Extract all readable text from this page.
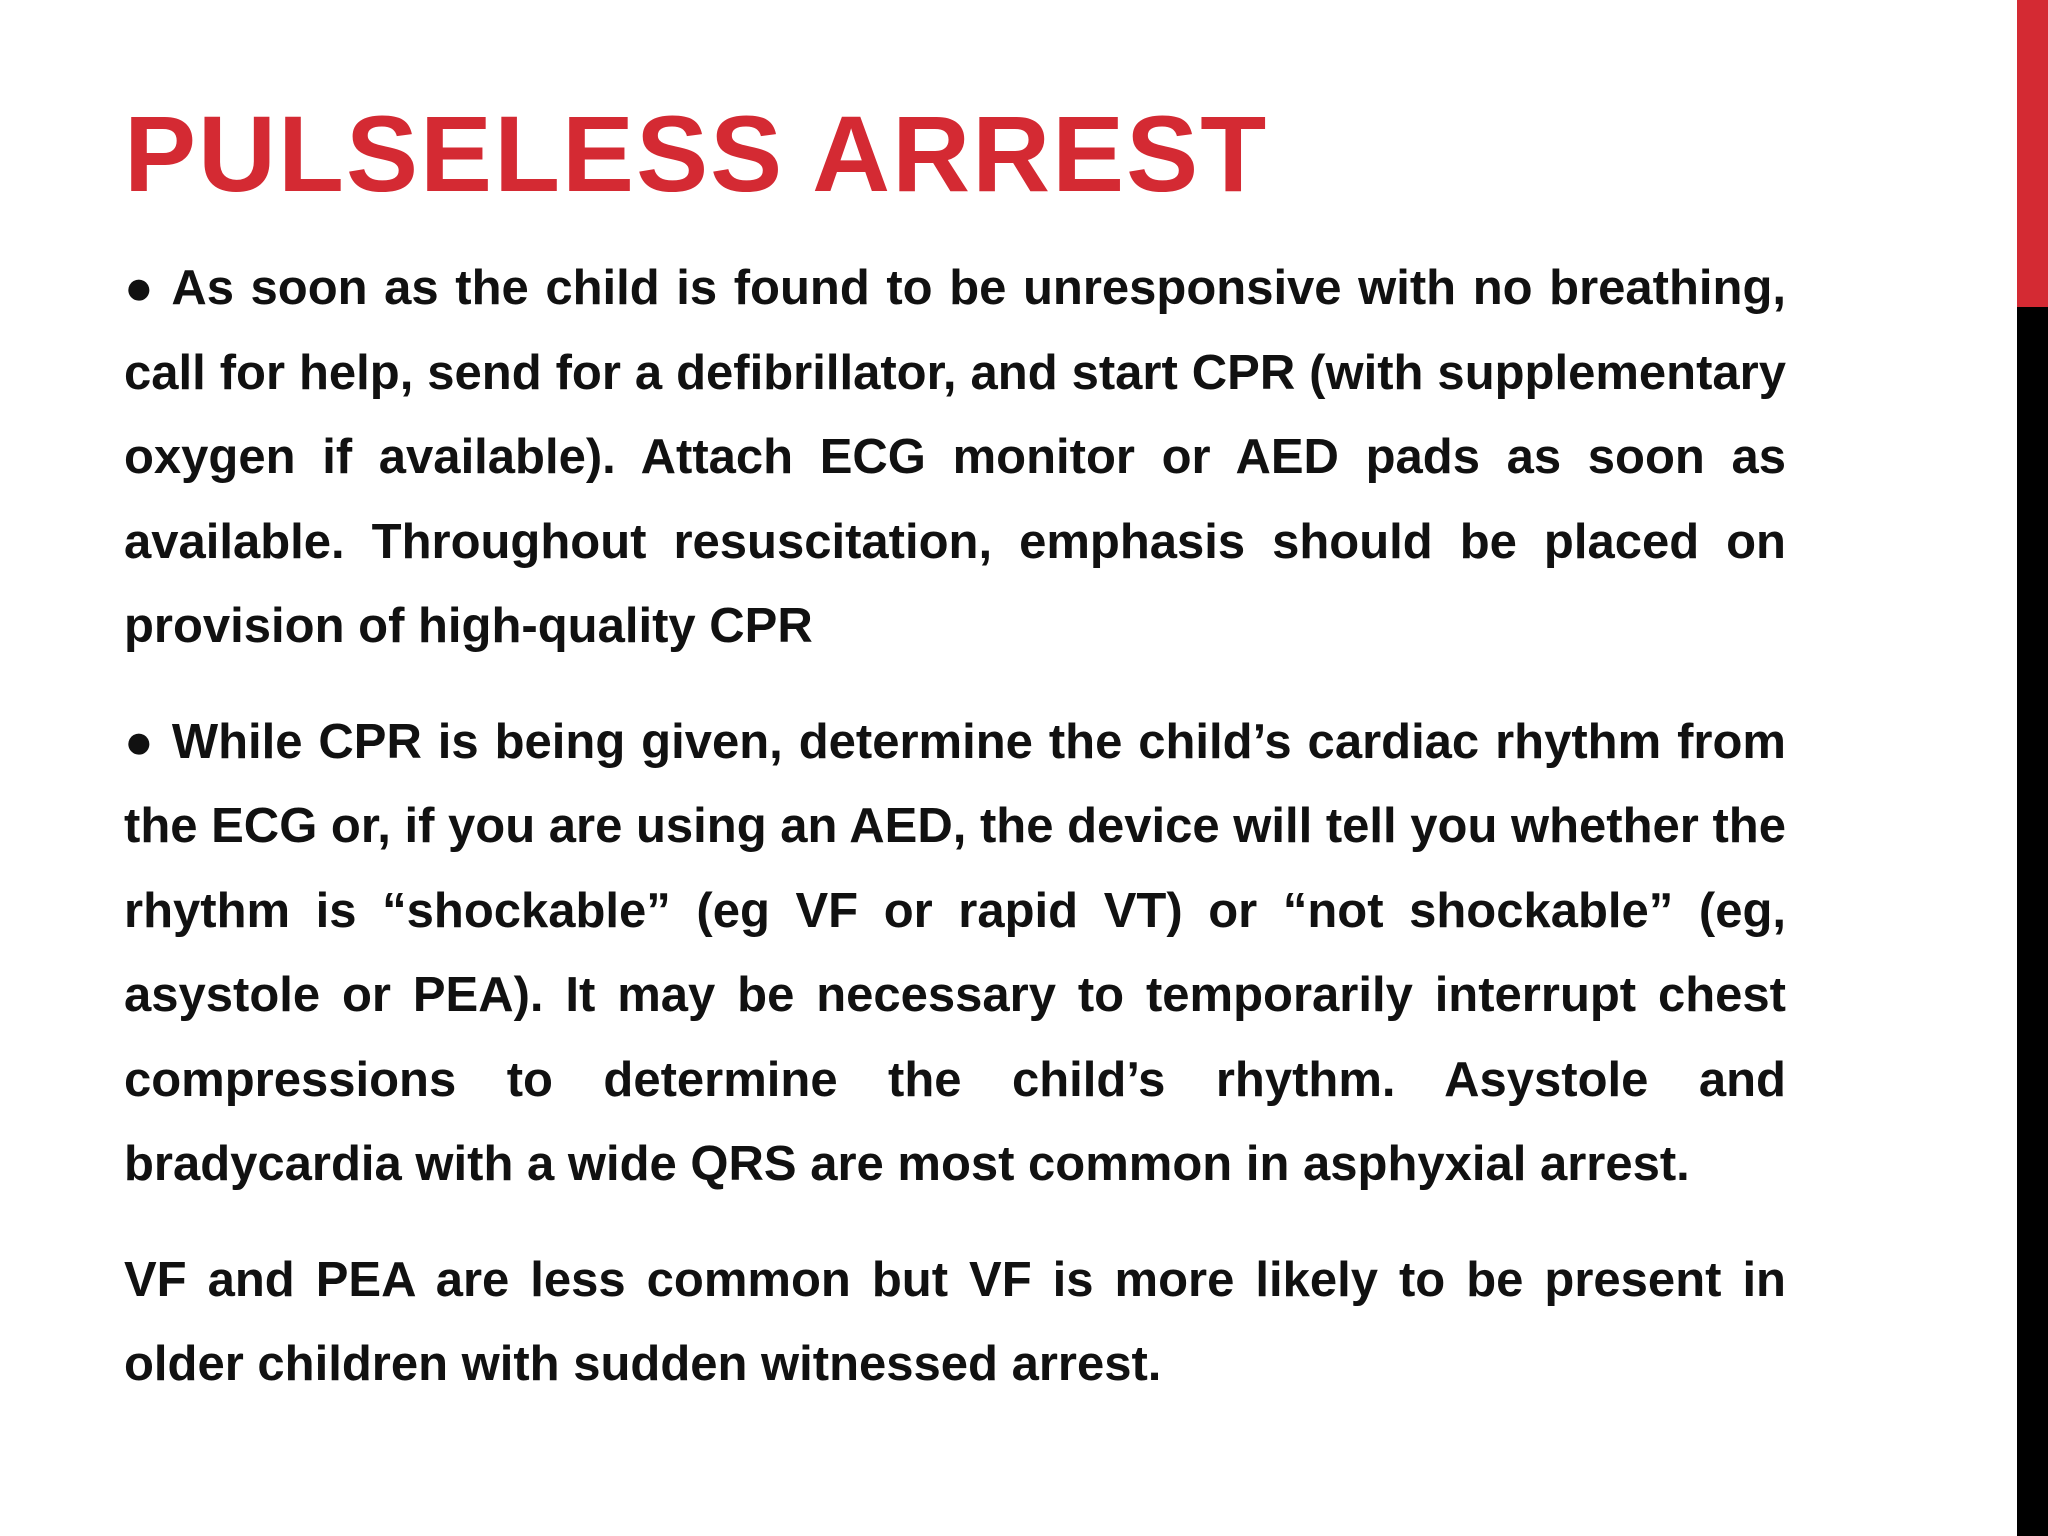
PULSELESS ARREST

● As soon as the child is found to be unresponsive with no breathing, call for help, send for a defibrillator, and start CPR (with supplementary oxygen if available). Attach ECG monitor or AED pads as soon as available. Throughout resuscitation, emphasis should be placed on provision of high-quality CPR

● While CPR is being given, determine the child’s cardiac rhythm from the ECG or, if you are using an AED, the device will tell you whether the rhythm is “shockable” (eg VF or rapid VT) or “not shockable” (eg, asystole or PEA). It may be necessary to temporarily interrupt chest compressions to determine the child’s rhythm. Asystole and bradycardia with a wide QRS are most common in asphyxial arrest.

VF and PEA are less common but VF is more likely to be present in older children with sudden witnessed arrest.
